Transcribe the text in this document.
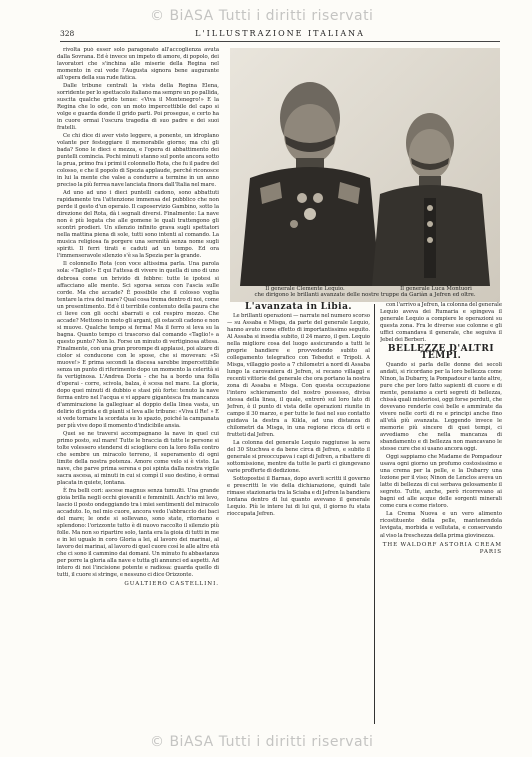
© BiASA Tutti i diritti riservati
328	L'ILLUSTRAZIONE ITALIANA

rivolta può esser solo paragonato all'accoglienza avuta dalla Sovrana. Ed è invece un impeto di amore, di popolo, dei lavoratori che s'inchina alle miserie della Regina nel momento in cui vede l'Augusta signora bene augurante all'opera della sua rude fatica.

Dalle tribune centrali la vista della Regina Elena, sorridente per lo spettacolo italiano ma sempre un po pallida, suscita qualche grido tenue: «Viva il Montenegro!» E la Regina che lo ode, con un moto impercettibile del capo si volge e guarda donde il grido parti. Poi prosegue, e certo ha in cuore ormai l'oscura tragedia di suo padre e dei suoi fratelli.

Ce chi dice di aver visto leggere, a ponente, un idroplano volante per festeggiare il memorabile giorno; ma chi gli bada? Sono le dieci e mezza, e l'opera di abbattimento dei puntelli comincia. Pochi minuti stanno sul ponte ancora sotto la prua, primo fra i primi il colonnello Rota, che fu il padre del colosso, e che il popolo di Spezia applaude, perché riconosce in lui la mente che valse a condurre a termine in un anno preciso la più ferrea nave lanciata finora dall'Italia nel mare.

Ad uno ad uno i dieci puntelli cadono, sono abbattuti rapidamente tra l'attenzione immensa del pubblico che non perde il gesto d'un operaio. Il caposervizio Gambino, sotto la direzione del Rota, dà i segnali diversi. Finalmente: La nave non è più legata che alle gomene le quali trattengono gli scontri prodieri. Un silenzio infinito grava sugli spettatori nella mattina piena di sole, tutti sono intenti al comando. La musica religiosa fa porgere una serenità senza nome sugli spiriti. Il ferri tirati e caduti ad un tempo. Ed ora l'immenseravole silenzio s'è sa la Spezia per la grande.

Il colonnello Rota (con voce altissima parla. Una parola sola: «Taglio!» E qui l'attesa di vivere in quella di uno di uno debrosa come un brivido di febbre: tutte le ipotesi si affacciano alle mente. Sci sgorsa senza con l'ascia sulle corde. Ma che accade? È possibile che il colosso voglia tentare la riva del mare? Qual cosa trema dentro di noi, come un presentimento. Ed è il terribile contenuto della paura che ci lieve con gli occhi sbarrati e col respiro mozzo. Che accade? Mettono in moto gli argani, gli ostacoli cadono e non si muove. Qualche tempo si ferma! Ma il ferro si leva su la bagna. Quanto tempo ci trascorso dal comando «Taglio!» a questo punto? Non lo. Forse un minuto di vertiginosa attesa. Finalmente, con una gran prorompe di applausi, poi alzare di ciolor si conducone con le spose, che si movevan: «Si muove!» E prima secondi la discesa sarebbe impercettibile senza un punto di riferimento dopo un momento la celerità si fa vertiginosa. L'Andrea Doria - che ha a bordo una folla d'operai - corre, scivola, balza, è scesa nel mare. La gloria, dopo quei minuti di dubbio e stasi più forte: tenuto la nave ferma entro nel l'acqua e vi appare gigantesca fra mancanza d'ammirazione la gallegiuar al doppio della linea vasta, un delirio di grida e di pianti si leva alle tribune: «Viva il Re! » E si vede tornare la scordata su lo spazio, poiché la campanata per più vive dopo il momento d'indicibile ansia.

Quei se ne traversi accompagnano la nave in quel cui primo posto, sul mare! Tutte le braccia di tutte le persone si tolte volessero stendersi di sciogliere con la loro folla contro che sembre un miracolo terreno, il superamento di ogni limite della nostra potenza. Amore come velo si è visto. La nave, che parve prima serena e poi spinta dalla nostra vigile sacra ascesa, ai minuti in cui si compì il suo destino, è ormai placata in quiete, lontana.

È fra belli cori: ascese magnus senza tumulti. Una grande gioia brilla negli occhi giovanili e femminili. Anch'io mi levo, lascio il posto ondeggiando tra i miei sentimenti del miracolo accaduto. Io, nel mio cuore, ancora vedo l'abbraccio dei baci del mare; le onde si sollevano, sono state, ritornano e splendono: l'orizzonte tutto è di nuovo raccolto il silenzio più folle. Ma non so ripartire solo, tanta era la gioia di tutti in me e in lei uguale in coro Gloria a lei, al lavoro dei marinai, al lavoro dei marinai, al lavoro di quel cuore così le alle altre età che ci sono il cammino dai domani. Un minuto fu abbastanza per porre la gloria alla nave e tutta gli annunci ed aspetti. Ad intero di noi l'incisione potente e radiosa: guarda quello di tutti, il cuore si stringe, e nessuno ci dice Orizzonte.

GUALTIERO CASTELLINI.
Il generale Clemente Lequio.	Il generale Luca Montuori
che dirigono le brillanti avanzate delle nostre truppe da Gariàn a Jefren ed oltre.
L'avanzata in Libia.

Le brillanti operazioni — narrate nel numero scorso — su Assaba e Misga, da parte del generale Lequio, hanno avuto come effetto di importantissimo seguito. Al Assaba si insedia subito, il 24 marzo, il gen. Lequio nella migliore cosa del luogo assicurando a tutti le proprie bandiere e provvedendo subito al collegamento telegrafico con Tebedut e Tripoli. A Misga, villaggio posto a 7 chilometri a nord di Assaba lungo la carovaniera di Jefren, si recano villaggi e recenti vittorie del generale che ora portano la nostra zona di Assaba e Misga. Con questa occupazione l'intero schieramento del nostro possesso, divisa stessa della linea, il quale, entrerò sul loro lato di Jefren, è il punto di vista delle operazioni riunite in campo il 30 marzo, e per tutte le fasi nel suo contatto guidava la destra a Kikla, ad una distanza di chilometri da Misga, in una regione ricca di orti e frutteti dal Jefren.

La colonna del generale Lequio raggiunse la sera del 30 Stuchwa e da bene circa di Jefren, e subito il generale si preoccupava i capi di Jefren, a ribattere di sottomissione, mentre da tutte le parti ci giungevano varie profferte di dedizione.

Sottopostisi il Barnas, dopo averli scritti il governo e prescritti le vie della dichiarazione, quindi tale rimase stazionaria tra la Sciaba e di Jefren la bandiera lontana dentro di lui quanto avevano il generale Lequio. Più le intere lui di lui qui, il giorno fu stata rioccupata Jefren.

con l'arrivo a Jefren, la colonna del generale Lequio aveva dei Rumaria e spingeva il generale Lequio a compiere le operazioni su questa zona. Fra le diverse sue colonne e gli uffici comandava il generale, che seguiva il Jebel dei Berberi.

BELLEZZE D'ALTRI TEMPI.

Quando si parla delle donne dei secoli andati, si ricordano per la loro bellezza come Ninon, la Dubarry, la Pompadour e tante altre, pure che per loro fatto sapienti di cuore e di mente, pensiamo a certi segreti di bellezza, chissà quali misteriosi, oggi forse perduti, che dovevano renderle così belle e ammirate da vivere nelle corti di re e principi anche fino all'età più avanzata. Leggendo invece le memorie più sincere di quei tempi, ci avvediamo che nella mancanza di sbandamento e di bellezza non mancavano le stesse cure che si usano ancora oggi.

Oggi sappiamo che Madame de Pompadour usava ogni giorno un profumo costosissimo e una crema per la pelle, e la Dubarry una lozione per il viso; Ninon de Lenclos aveva un latte di bellezza di cui serbava gelosamente il segreto. Tutte, anche, però ricorrevano ai bagni ed alle acque delle sorgenti minerali come cura e come ristoro.

La Crema Nuova e un vero alimento ricostituente della pelle, mantenendola levigata, morbida e vellutata, e conservando al viso la freschezza della prima giovinezza.

THE WALDORF ASTORIA CREAM PARIS
© BiASA Tutti i diritti riservati
